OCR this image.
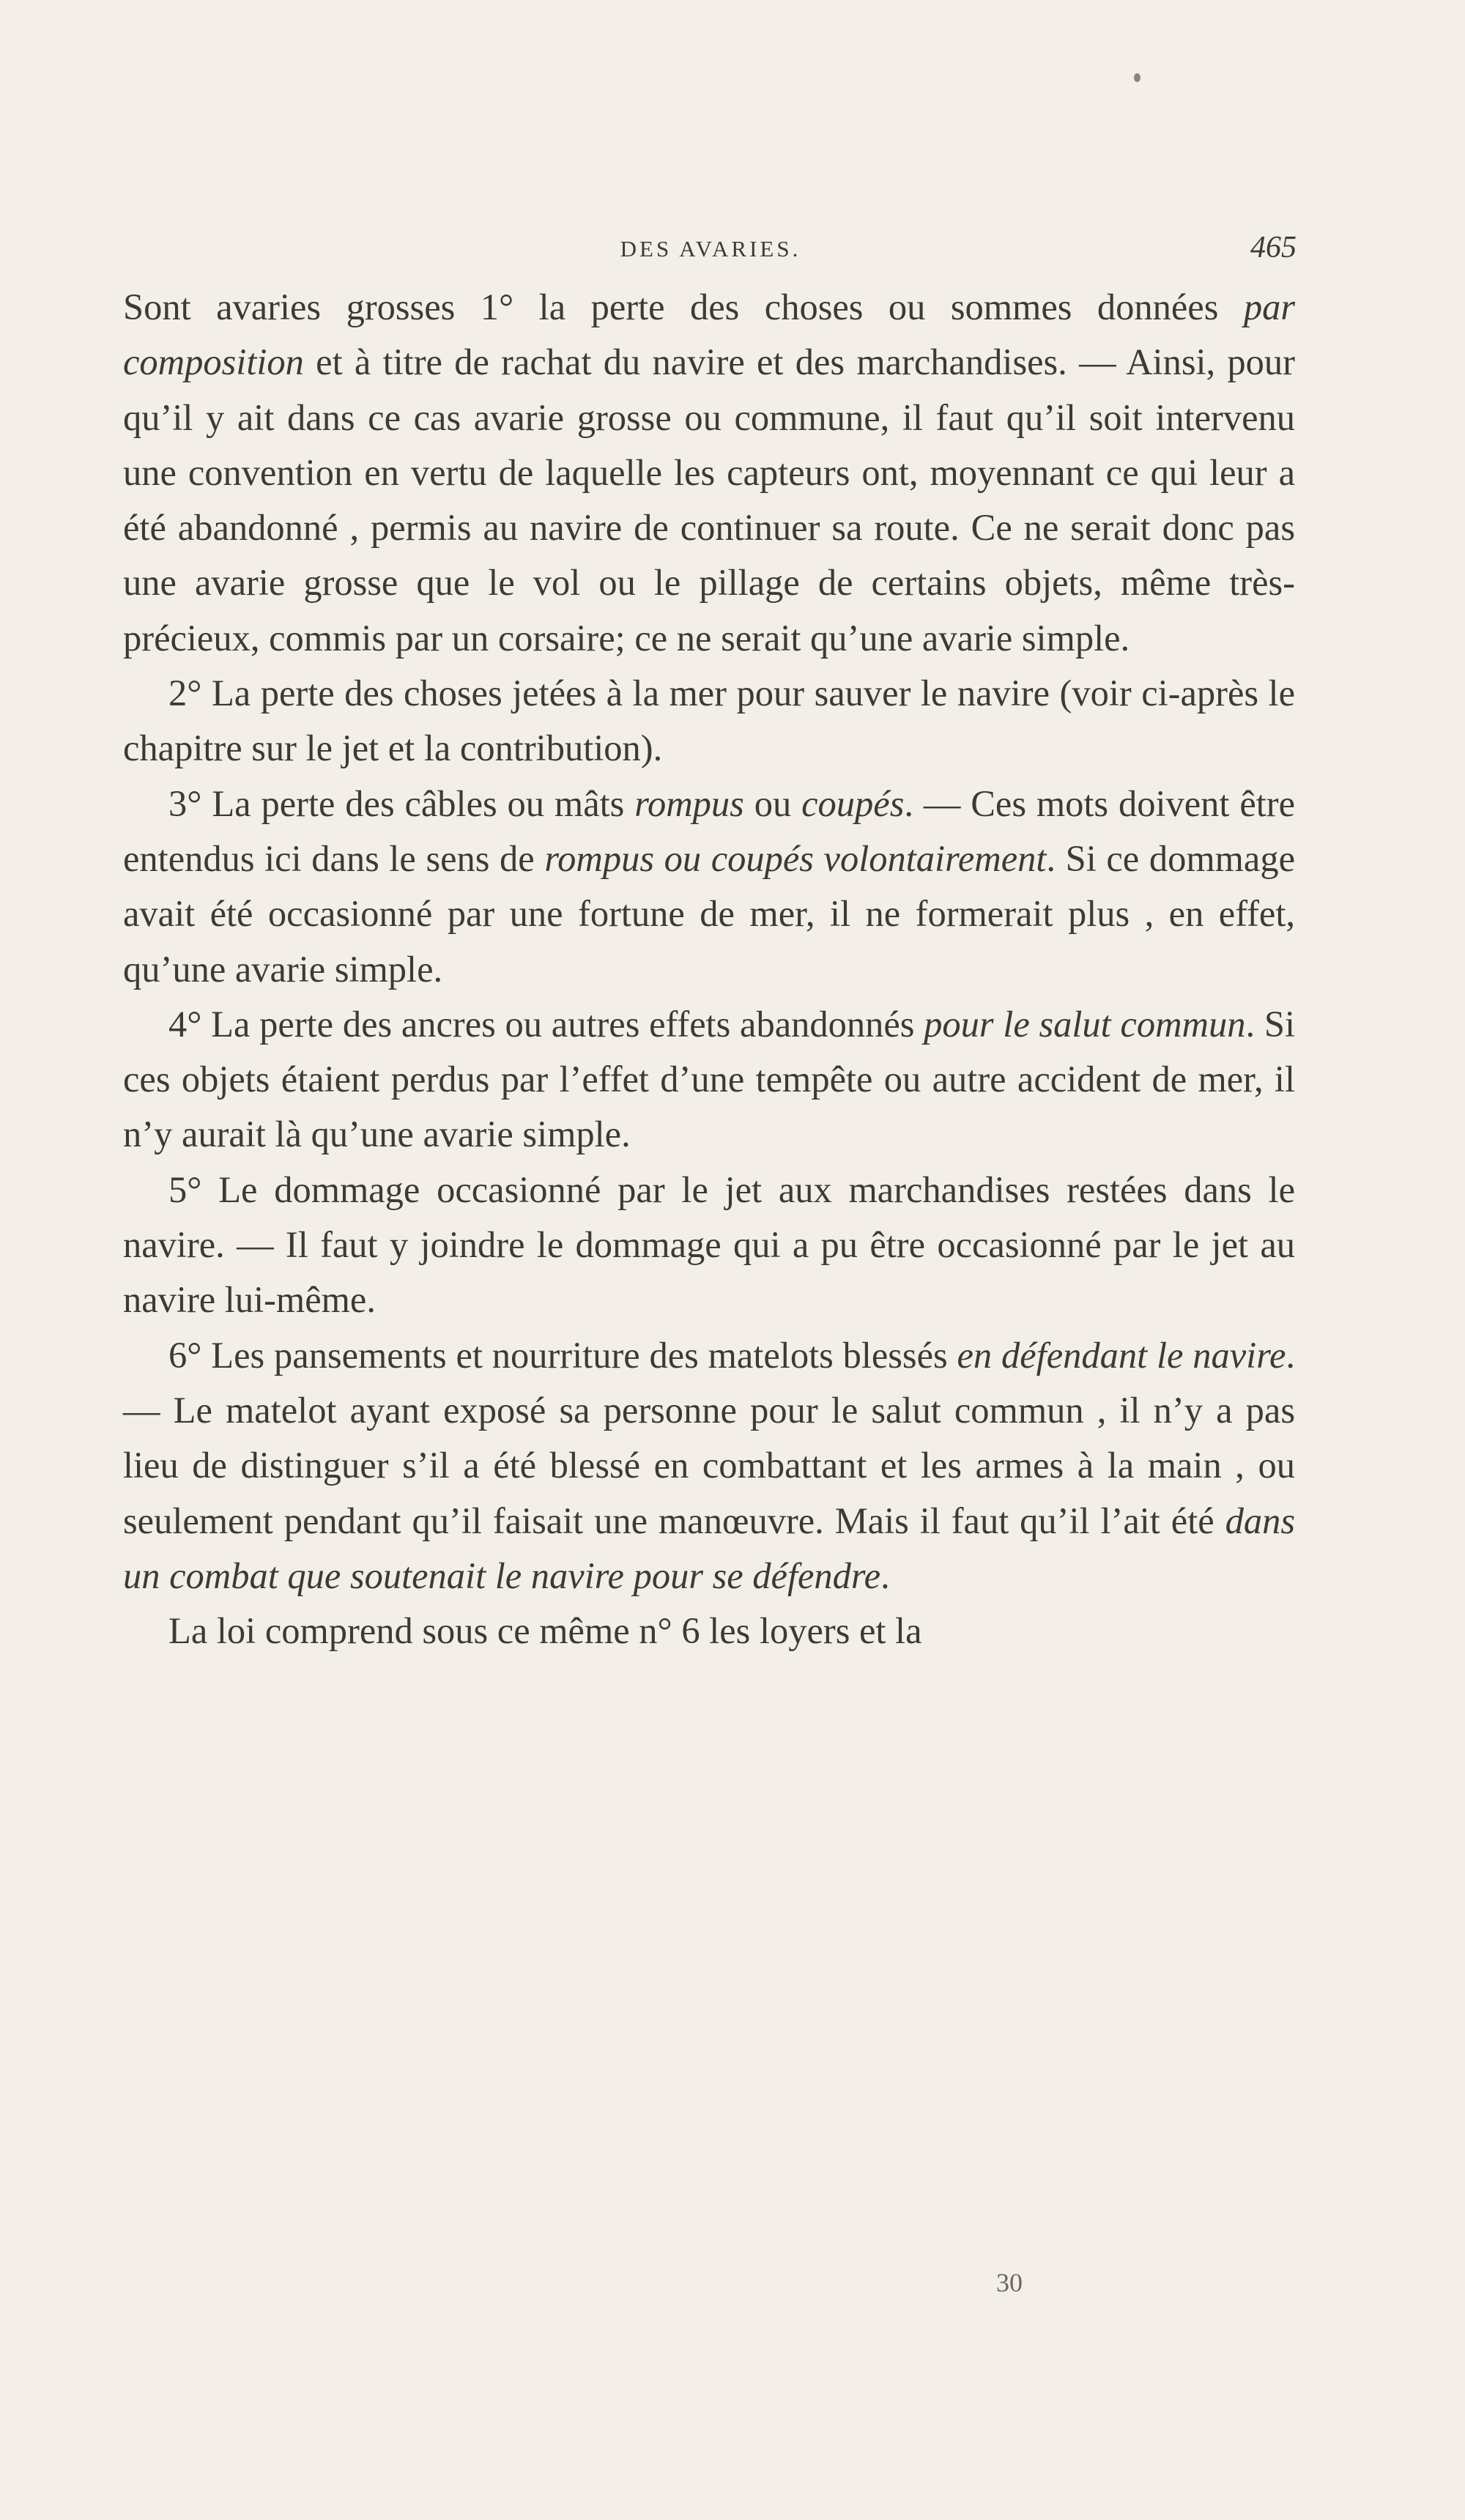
DES AVARIES.	465

Sont avaries grosses 1° la perte des choses ou sommes données par composition et à titre de rachat du navire et des marchandises. — Ainsi, pour qu’il y ait dans ce cas avarie grosse ou commune, il faut qu’il soit intervenu une convention en vertu de laquelle les capteurs ont, moyennant ce qui leur a été abandonné , permis au navire de continuer sa route. Ce ne serait donc pas une avarie grosse que le vol ou le pillage de certains objets, même très-précieux, commis par un corsaire; ce ne serait qu’une avarie simple.

2° La perte des choses jetées à la mer pour sauver le navire (voir ci-après le chapitre sur le jet et la contribution).

3° La perte des câbles ou mâts rompus ou coupés. — Ces mots doivent être entendus ici dans le sens de rompus ou coupés volontairement. Si ce dommage avait été occasionné par une fortune de mer, il ne formerait plus , en effet, qu’une avarie simple.

4° La perte des ancres ou autres effets abandonnés pour le salut commun. Si ces objets étaient perdus par l’effet d’une tempête ou autre accident de mer, il n’y aurait là qu’une avarie simple.

5° Le dommage occasionné par le jet aux marchandises restées dans le navire. — Il faut y joindre le dommage qui a pu être occasionné par le jet au navire lui-même.

6° Les pansements et nourriture des matelots blessés en défendant le navire. — Le matelot ayant exposé sa personne pour le salut commun , il n’y a pas lieu de distinguer s’il a été blessé en combattant et les armes à la main , ou seulement pendant qu’il faisait une manœuvre. Mais il faut qu’il l’ait été dans un combat que soutenait le navire pour se défendre.

La loi comprend sous ce même n° 6 les loyers et la

30
